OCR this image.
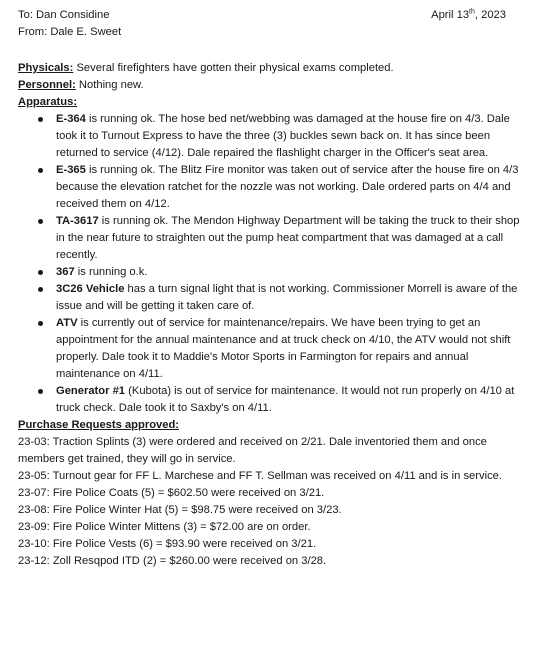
To: Dan Considine
From: Dale E. Sweet
April 13th, 2023
Physicals: Several firefighters have gotten their physical exams completed.
Personnel: Nothing new.
Apparatus:
E-364 is running ok. The hose bed net/webbing was damaged at the house fire on 4/3. Dale took it to Turnout Express to have the three (3) buckles sewn back on. It has since been returned to service (4/12). Dale repaired the flashlight charger in the Officer's seat area.
E-365 is running ok. The Blitz Fire monitor was taken out of service after the house fire on 4/3 because the elevation ratchet for the nozzle was not working. Dale ordered parts on 4/4 and received them on 4/12.
TA-3617 is running ok. The Mendon Highway Department will be taking the truck to their shop in the near future to straighten out the pump heat compartment that was damaged at a call recently.
367 is running o.k.
3C26 Vehicle has a turn signal light that is not working. Commissioner Morrell is aware of the issue and will be getting it taken care of.
ATV is currently out of service for maintenance/repairs. We have been trying to get an appointment for the annual maintenance and at truck check on 4/10, the ATV would not shift properly. Dale took it to Maddie's Motor Sports in Farmington for repairs and annual maintenance on 4/11.
Generator #1 (Kubota) is out of service for maintenance. It would not run properly on 4/10 at truck check. Dale took it to Saxby's on 4/11.
Purchase Requests approved:
23-03: Traction Splints (3) were ordered and received on 2/21. Dale inventoried them and once members get trained, they will go in service.
23-05: Turnout gear for FF L. Marchese and FF T. Sellman was received on 4/11 and is in service.
23-07: Fire Police Coats (5) = $602.50 were received on 3/21.
23-08: Fire Police Winter Hat (5) = $98.75 were received on 3/23.
23-09: Fire Police Winter Mittens (3) = $72.00 are on order.
23-10: Fire Police Vests (6) = $93.90 were received on 3/21.
23-12: Zoll Resqpod ITD (2) = $260.00 were received on 3/28.
